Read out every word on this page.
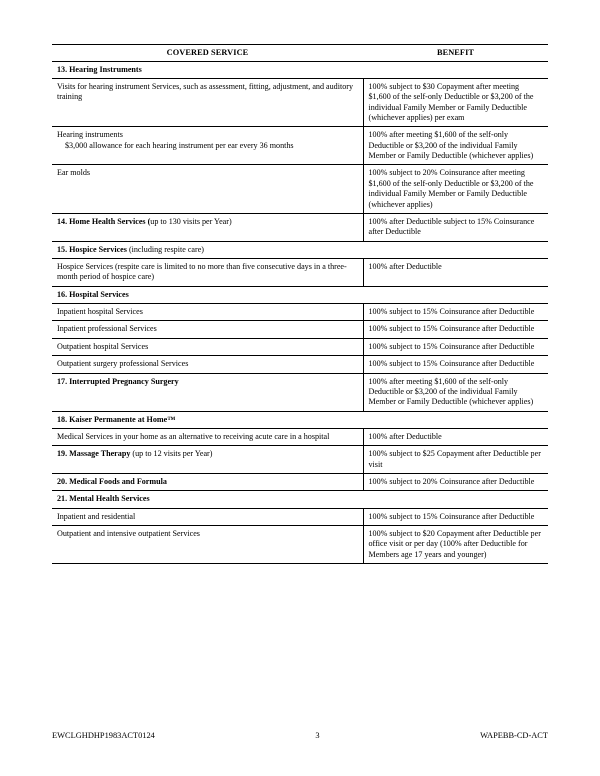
COVERED SERVICE	BENEFIT
13. Hearing Instruments	
Visits for hearing instrument Services, such as assessment, fitting, adjustment, and auditory training	100% subject to $30 Copayment after meeting $1,600 of the self-only Deductible or $3,200 of the individual Family Member or Family Deductible (whichever applies) per exam
Hearing instruments
$3,000 allowance for each hearing instrument per ear every 36 months	100% after meeting $1,600 of the self-only Deductible or $3,200 of the individual Family Member or Family Deductible (whichever applies)
Ear molds	100% subject to 20% Coinsurance after meeting $1,600 of the self-only Deductible or $3,200 of the individual Family Member or Family Deductible (whichever applies)
14. Home Health Services (up to 130 visits per Year)	100% after Deductible subject to 15% Coinsurance after Deductible
15. Hospice Services (including respite care)	
Hospice Services (respite care is limited to no more than five consecutive days in a three-month period of hospice care)	100% after Deductible
16. Hospital Services	
Inpatient hospital Services	100% subject to 15% Coinsurance after Deductible
Inpatient professional Services	100% subject to 15% Coinsurance after Deductible
Outpatient hospital Services	100% subject to 15% Coinsurance after Deductible
Outpatient surgery professional Services	100% subject to 15% Coinsurance after Deductible
17. Interrupted Pregnancy Surgery	100% after meeting $1,600 of the self-only Deductible or $3,200 of the individual Family Member or Family Deductible (whichever applies)
18. Kaiser Permanente at Home™	
Medical Services in your home as an alternative to receiving acute care in a hospital	100% after Deductible
19. Massage Therapy (up to 12 visits per Year)	100% subject to $25 Copayment after Deductible per visit
20. Medical Foods and Formula	100% subject to 20% Coinsurance after Deductible
21. Mental Health Services	
Inpatient and residential	100% subject to 15% Coinsurance after Deductible
Outpatient and intensive outpatient Services	100% subject to $20 Copayment after Deductible per office visit or per day (100% after Deductible for Members age 17 years and younger)
EWCLGHDHP1983ACT0124	3	WAPEBB-CD-ACT
